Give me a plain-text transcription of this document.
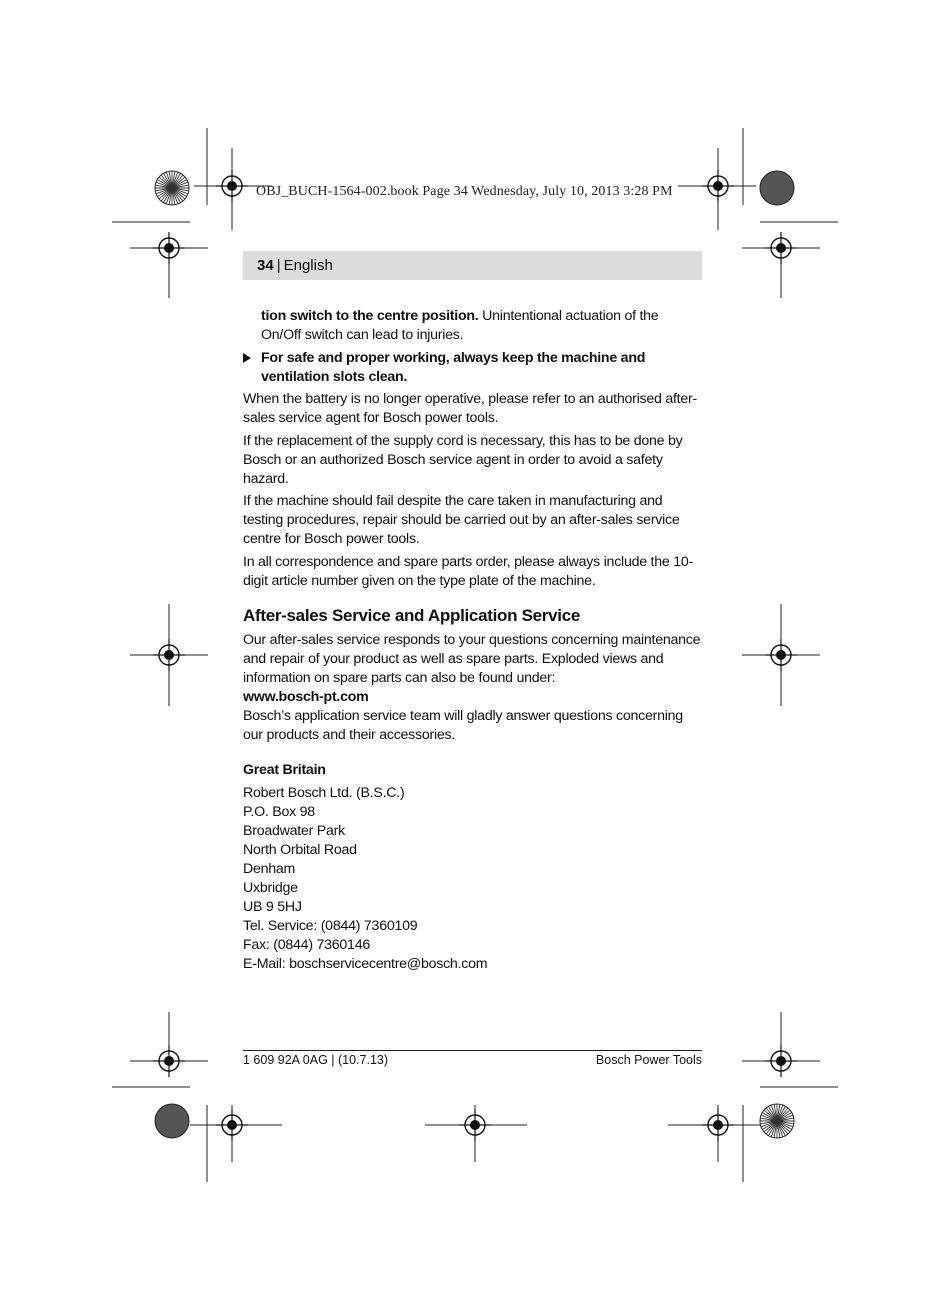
OBJ_BUCH-1564-002.book Page 34 Wednesday, July 10, 2013 3:28 PM
34 | English

tion switch to the centre position. Unintentional actuation of the On/Off switch can lead to injuries.

For safe and proper working, always keep the machine and ventilation slots clean.

When the battery is no longer operative, please refer to an authorised after-sales service agent for Bosch power tools.

If the replacement of the supply cord is necessary, this has to be done by Bosch or an authorized Bosch service agent in order to avoid a safety hazard.

If the machine should fail despite the care taken in manufacturing and testing procedures, repair should be carried out by an after-sales service centre for Bosch power tools.

In all correspondence and spare parts order, please always include the 10-digit article number given on the type plate of the machine.

After-sales Service and Application Service

Our after-sales service responds to your questions concerning maintenance and repair of your product as well as spare parts. Exploded views and information on spare parts can also be found under:

www.bosch-pt.com

Bosch’s application service team will gladly answer questions concerning our products and their accessories.

Great Britain
Robert Bosch Ltd. (B.S.C.)
P.O. Box 98
Broadwater Park
North Orbital Road
Denham
Uxbridge
UB 9 5HJ
Tel. Service: (0844) 7360109
Fax: (0844) 7360146
E-Mail: boschservicecentre@bosch.com
1 609 92A 0AG | (10.7.13)	Bosch Power Tools
